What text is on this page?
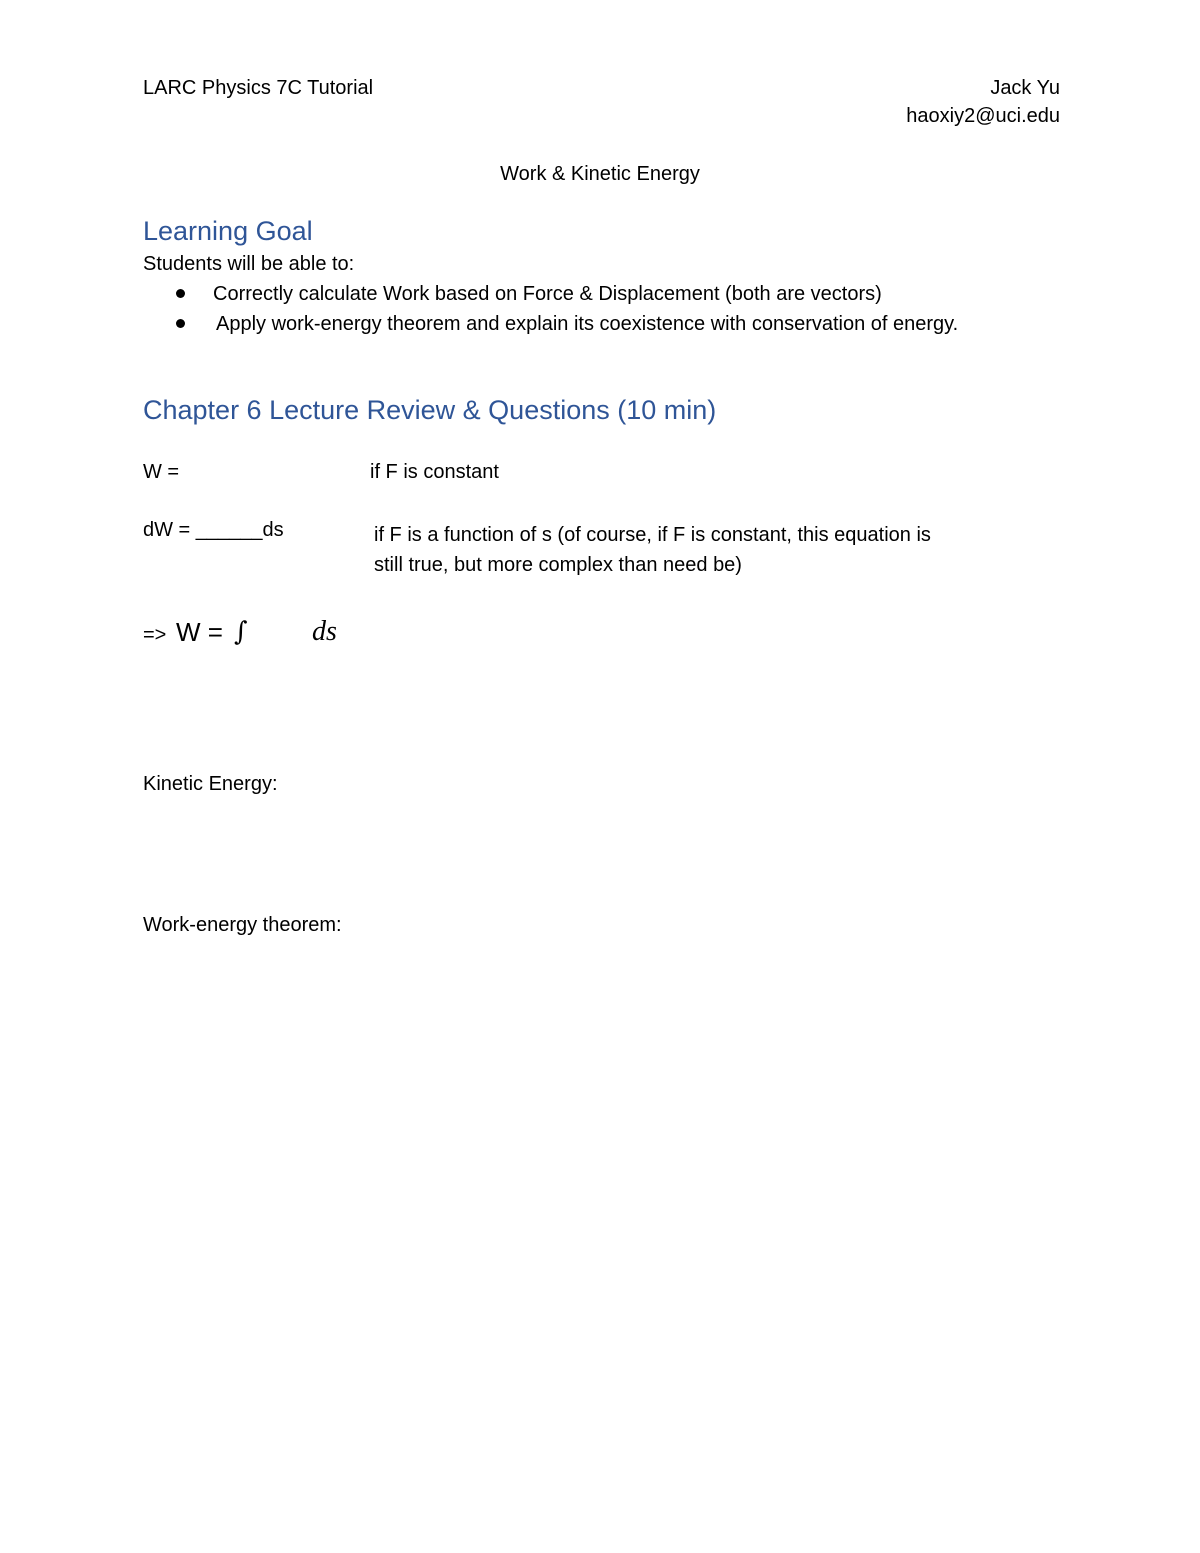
LARC Physics 7C Tutorial	Jack Yu
haoxiy2@uci.edu
Work & Kinetic Energy
Learning Goal
Students will be able to:
Correctly calculate Work based on Force & Displacement (both are vectors)
Apply work-energy theorem and explain its coexistence with conservation of energy.
Chapter 6 Lecture Review & Questions (10 min)
W =	if F is constant
dW = ______ds	if F is a function of s (of course, if F is constant, this equation is
still true, but more complex than need be)
=> W = ∫ ds
Kinetic Energy:
Work-energy theorem:
